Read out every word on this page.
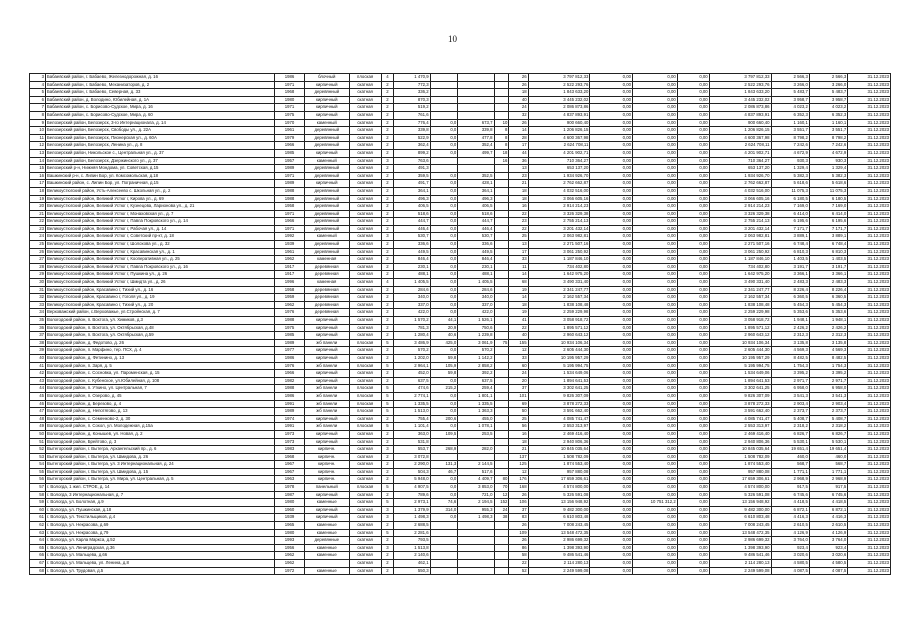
10
3	Бабаевский район, г. Бабаево, Железнодорожная, д. 16	1986	блочный	плоская	4	1 470,9				26	3 797 812,33	0,00	0,00	0,00	3 797 812,33	2 566,3	2 566,3	31.12.2023
4	Бабаевский район, г. Бабаево, Механизаторов, д. 2	1971	кирпичный	скатная	2	772,3				26	2 522 293,76	0,00	0,00	0,00	2 522 293,76	3 266,0	3 266,0	31.12.2023
5	Бабаевский район, г. Бабаево, Северная, д. 33	1968	деревянный	скатная	2	336,2				18	1 843 633,20	0,00	0,00	0,00	1 843 633,20	5 483,7	5 483,7	31.12.2023
6	Бабаевский район, д. Володино, Юбилейная, д. 1А	1980	кирпичный	скатная	2	870,3				40	3 445 232,02	0,00	0,00	0,00	3 445 232,02	3 958,7	3 958,7	31.12.2023
7	Бабаевский район, с. Борисово-Судское, Мира, д. 16	1971	кирпичный	скатная	2	519,2				24	2 086 873,86	0,00	0,00	0,00	2 086 873,86	4 023,2	4 023,2	31.12.2023
8	Бабаевский район, с. Борисово-Судское, Мира, д. 60	1975	кирпичный	скатная	2	761,6				32	4 837 893,91	0,00	0,00	0,00	4 837 893,91	6 352,3	6 352,3	31.12.2023
9	Белозерский район, Белозерск, 3-го Интернационала, д. 14	1970	каменный	скатная	2	776,4	0,0	673,7	10	26	900 660,40	0,00	0,00	0,00	900 660,40	1 160,1	1 160,1	31.12.2023
10	Белозерский район, Белозерск, Свободы ул., д. 22А	1961	деревянный	скатная	2	339,8	0,0	339,8	8	14	1 206 826,15	0,00	0,00	0,00	1 206 826,15	3 551,7	3 551,7	31.12.2023
11	Белозерский район, Белозерск, Пионерская ул., д. 60А	1979	деревянный	скатная	2	522,9	0,0	477,8	8	28	4 600 367,98	0,00	0,00	0,00	4 600 367,98	8 798,2	8 798,2	31.12.2023
12	Белозерский район, Белозерск, Ленина ул., д. 8	1966	деревянный	скатная	2	362,4	0,0	352,4	8	17	2 624 708,11	0,00	0,00	0,00	2 624 708,11	7 242,6	7 242,6	31.12.2023
13	Белозерский район, Никольское с., Центральная ул., д. 37	1985	кирпичный	скатная	2	899,2	0,0	499,7	18	44	4 201 902,71	0,00	0,00	0,00	4 201 902,71	4 672,9	4 672,9	31.12.2023
14	Белозерский район, Белозерск, Дзержинского ул., д. 37	1957	каменный	скатная	3	763,6			16	36	710 364,27	0,00	0,00	0,00	710 364,27	930,3	930,3	31.12.2023
15	Белозерский р-н, Нижняя Мондома, ул. Советская, д.15	1989	деревянный	скатная	2	491,3				13	653 137,20	0,00	0,00	0,00	653 137,20	1 329,4	1 329,4	31.12.2023
16	Вашкинский р-н, с. Липин Бор, ул. Комсомольская, д.18	1971	деревянный	скатная	2	359,5	0,0	352,5		23	1 934 926,70	0,00	0,00	0,00	1 934 926,70	5 382,3	5 382,3	31.12.2023
17	Вашкинский район, с. Липин Бор, ул. Пограничная, д.15	1989	кирпичный	скатная	2	491,7	0,0	428,1		21	2 762 662,87	0,00	0,00	0,00	2 762 662,87	5 618,6	5 618,6	31.12.2023
18	Великоустюгский район, Усть-Алексеево с. Школьная ул., д. 2	1988	деревянный	скатная	2	364,1	0,0	364,1		18	4 032 516,00	0,00	0,00	0,00	4 032 516,00	11 075,3	11 075,3	31.12.2023
19	Великоустюгский район, Великий Устюг г, Кирова ул., д. 69	1988	деревянный	скатная	2	496,3	0,0	496,3		18	3 066 605,16	0,00	0,00	0,00	3 066 605,16	6 180,5	6 180,5	31.12.2023
20	Великоустюгский район, Великий Устюг г, Кузнецова, Ларионова ул., д. 21	1958	деревянный	скатная	2	406,5	0,0	406,5		16	2 914 214,23	0,00	0,00	0,00	2 914 214,23	7 169,0	7 169,0	31.12.2023
21	Великоустюгский район, Великий Устюг г, Монаховская ул., д. 7	1971	деревянный	скатная	2	518,6	0,0	518,6		22	3 326 329,38	0,00	0,00	0,00	3 326 329,38	6 414,0	6 414,0	31.12.2023
22	Великоустюгский район, Великий Устюг г, Павла Покровского ул., д. 14	1966	деревянный	скатная	2	444,7	0,0	444,7		23	2 755 214,13	0,00	0,00	0,00	2 755 214,13	6 195,6	6 195,6	31.12.2023
23	Великоустюгский район, Великий Устюг г, Рабочая ул., д. 14	1971	деревянный	скатная	2	446,4	0,0	446,4		22	3 201 432,14	0,00	0,00	0,00	3 201 432,14	7 171,7	7 171,7	31.12.2023
24	Великоустюгский район, Великий Устюг г, Советский пр-кт, д. 18	1992	каменный	скатная	3	530,7	0,0	530,7		25	2 063 982,81	0,00	0,00	0,00	2 063 982,81	3 889,1	3 889,1	31.12.2023
25	Великоустюгский район, Великий Устюг г, Шолохова ул., д. 32	1939	деревянный	скатная	2	336,6	0,0	336,6		13	2 271 507,16	0,00	0,00	0,00	2 271 507,16	6 748,4	6 748,4	31.12.2023
26	Великоустюгский район, Великий Устюг г, Красавинская ул., д. 1	1961	деревянный	скатная	2	449,5	0,0	449,5		17	3 061 250,92	0,00	0,00	0,00	3 061 250,92	6 810,3	6 810,3	31.12.2023
27	Великоустюгский район, Великий Устюг г, Кооперативная ул., д. 25	1962	каменная	скатная	2	846,4	0,0	846,4		33	1 187 846,10	0,00	0,00	0,00	1 187 846,10	1 403,5	1 403,5	31.12.2023
28	Великоустюгский район, Великий Устюг г, Павла Покровского ул., д. 16	1917	деревянная	скатная	2	230,1	0,0	230,1		11	734 402,80	0,00	0,00	0,00	734 402,80	3 191,7	3 191,7	31.12.2023
29	Великоустюгский район, Великий Устюг г, Пушкина ул., д. 26	1917	деревянная	скатная	2	488,1	0,0	488,1		14	1 642 975,20	0,00	0,00	0,00	1 642 975,20	3 366,1	3 366,1	31.12.2023
30	Великоустюгский район, Великий Устюг г, Шмидта ул., д. 26	1996	каменная	скатная	4	1 405,5	0,0	1 405,5		68	3 490 331,40	0,00	0,00	0,00	3 490 331,40	2 483,3	2 483,3	31.12.2023
31	Великоустюгский район, Красавино г, Тихий ул., д. 16	1958	деревянная	скатная	2	284,6	0,0	284,6		19	2 341 247,77	0,00	0,00	0,00	2 341 247,77	8 226,4	8 226,4	31.12.2023
32	Великоустюгский район, Красавино г, Гоголя ул., д. 19	1959	деревянная	скатная	2	340,0	0,0	340,0		14	2 162 557,34	0,00	0,00	0,00	2 162 557,34	6 360,5	6 360,5	31.12.2023
33	Великоустюгский район, Красавино г, Тихий ул., д. 20	1962	деревянная	скатная	2	337,0	0,0	337,0		18	1 838 108,48	0,00	0,00	0,00	1 838 108,48	5 454,3	5 454,3	31.12.2023
34	Верховажский район, с.Верховажье, ул.Стройнская, д. 7	1976	деревянная	скатная	2	422,0	0,0	422,0		19	2 259 229,98	0,00	0,00	0,00	2 259 229,98	5 353,6	5 353,6	31.12.2023
35	Вологодский район, п. Вохтога, ул. Химиков, д.3	1988	кирпичный	скатная	2	1 570,2	44,1	1 526,1		41	3 058 918,72	0,00	0,00	0,00	3 058 918,72	1 948,1	1 948,1	31.12.2023
36	Вологодский район, п. Вохтога, ул. Октябрьская, д.48	1975	кирпичный	скатная	2	781,3	20,9	750,6		22	1 895 571,12	0,00	0,00	0,00	1 895 571,12	2 426,2	2 426,2	31.12.2023
37	Вологодский район, п. Вохтога, ул. Октябрьская, д.59	1985	кирпичный	скатная	2	1 280,4	40,6	1 239,8		40	2 960 643,12	0,00	0,00	0,00	2 960 643,12	2 312,3	2 312,3	31.12.2023
38	Вологодский район, д. Федотово, д. 26	1989	жб панели	плоская	5	3 486,9	425,0	3 061,9	75	155	10 934 106,34	0,00	0,00	0,00	10 934 106,34	3 135,8	3 135,8	31.12.2023
39	Вологодский район, п. Марфино, тер. ПСХ, д. 4	1977	кирпичный	скатная	2	570,2	0,0	570,2		12	2 605 444,30	0,00	0,00	0,00	2 605 444,30	4 569,3	4 569,3	31.12.2023
40	Вологодский район, д. Фетинино, д. 13	1986	кирпичный	скатная	2	1 202,0	59,8	1 142,2		33	10 195 957,29	0,00	0,00	0,00	10 195 957,29	8 482,5	8 482,5	31.12.2023
41	Вологодский район, п. Заря, д. 5	1976	жб панели	плоская	5	2 964,1	105,9	2 858,2		60	5 195 994,75	0,00	0,00	0,00	5 195 994,75	1 754,3	1 754,3	31.12.2023
42	Вологодский район, с. Сосновка, ул. Пароменская, д. 15	1966	кирпичный	скатная	2	452,0	59,8	392,2		24	1 534 649,06	0,00	0,00	0,00	1 534 649,06	3 395,2	3 395,2	31.12.2023
43	Вологодский район, с. Кубенское, ул.Юбилейная, д. 108	1982	кирпичный	скатная	2	637,5	0,0	637,5		20	1 894 641,53	0,00	0,00	0,00	1 894 641,53	2 971,7	2 971,7	31.12.2023
44	Вологодский район, п. Уткино, ул. Центральная, 7	1988	жб панели	плоская	5	474,6	215,2	259,4		37	3 302 641,25	0,00	0,00	0,00	3 302 641,25	6 958,0	6 958,0	31.12.2023
45	Вологодский район, п. Озерово, д. 45	1986	жб панели	плоская	5	2 774,1	0,0	1 801,1		101	9 826 307,09	0,00	0,00	0,00	9 826 307,09	3 541,3	3 541,3	31.12.2023
46	Вологодский район, д. Березово, д. 4	1991	жб панели	плоская	5	1 335,5	0,0	1 335,5		69	3 878 272,33	0,00	0,00	0,00	3 878 272,33	2 903,4	2 903,4	31.12.2023
47	Вологодский район, д. Непотягово, д. 13	1989	жб панели	плоская	5	1 513,0	0,0	1 363,3		50	3 591 662,40	0,00	0,00	0,00	3 591 662,40	2 373,7	2 373,7	31.12.2023
48	Вологодский район, с. Семенково-2, д. 30	1974	кирпичный	скатная	2	755,4	200,6	455,0		25	4 085 741,47	0,00	0,00	0,00	4 085 741,47	5 408,7	5 408,7	31.12.2023
49	Вологодский район, п. Сокол, ул. Молодежная, д.15а	1991	жб панели	плоская	5	1 101,4	0,0	1 078,1		56	2 553 313,97	0,00	0,00	0,00	2 553 313,97	2 318,2	2 318,2	31.12.2023
50	Вологодский район, д. Конышев, ул. Новая, д. 2	1973	кирпичный	скатная	2	363,0	109,5	253,5		16	2 469 416,40	0,00	0,00	0,00	2 469 416,40	6 826,7	6 826,7	31.12.2023
51	Вологодский район, Брейтово, д. 3	1973	кирпичный	скатная	2	531,8				18	2 940 806,36	0,00	0,00	0,00	2 940 806,36	5 530,1	5 530,1	31.12.2023
52	Вытегорский район, г. Вытегра, Архангельский пр., д. 6	1983	кирпичн.	скатная	3	553,7	268,9	282,0		21	10 845 035,64	0,00	0,00	0,00	10 845 035,64	19 651,4	19 651,4	31.12.2023
53	Вытегорский район, г. Вытегра, ул. Шмидова, д. 26	1968	кирпичн.	скатная	2	3 072,8				137	1 508 782,09	0,00	0,00	0,00	1 508 782,09	460,0	460,0	31.12.2023
54	Вытегорский район, г. Вытегра, ул. 3 Интернациональная, д. 24	1967	кирпичн.	скатная	2	2 290,0	131,3	2 144,5		125	1 874 553,40	0,00	0,00	0,00	1 874 553,40	568,7	568,7	31.12.2023
55	Вытегорский район, г. Вытегра, ул. Шмидова, д. 15	1967	кирпичн.	скатная	2	504,3	46,7	517,6		12	957 880,08	0,00	0,00	0,00	957 880,08	1 771,1	1 771,1	31.12.2023
56	Вытегорский район, г. Вытегра, ул. Мира, ул. Центральная, д. 5	1963	кирпичн.	скатная	2	5 948,0	0,0	4 409,7	80	176	17 659 306,61	0,00	0,00	0,00	17 659 306,61	2 968,9	2 968,9	31.12.2023
57	г. Вологда, 1 жил. СТРОЕ, д. 14	1978	панельный	плоская	5	4 907,5	0,0	3 853,0	70	168	4 574 800,00	0,00	0,00	0,00	4 574 800,00	917,5	917,5	31.12.2023
58	г. Вологда, 3 Интернациональная, д. 7	1987	кирпичный	скатная	2	789,6	0,0	721,0	12	26	5 326 591,08	0,00	0,00	0,00	5 326 591,08	6 745,6	6 745,6	31.12.2023
59	г. Вологда, ул. Болотная, д.9	1980	каменные	скатная	5	2 973,1	74,6	2 194,5	152	106	13 156 948,92	0,00	10 751 312,2	0,00	13 156 948,92	4 418,5	4 418,5	31.12.2023
60	г. Вологда, ул. Пушкинская, д.18	1960	кирпичный	скатная	3	1 379,9	314,0	955,3	24	37	9 482 300,00	0,00	0,00	0,00	9 482 300,00	6 872,1	6 872,1	31.12.2023
61	г. Вологда, ул. Текстильщиков, д.4	1939	кирпичный	скатная	3	1 498,3	0,0	1 498,3	38	83	6 610 803,48	0,00	0,00	0,00	6 610 803,48	4 416,3	4 416,3	31.12.2023
62	г. Вологда, ул. Некрасова, д.69	1965	каменные	скатная	2	2 688,5				26	7 008 243,45	0,00	0,00	0,00	7 008 243,45	2 610,5	2 610,5	31.12.2023
63	г. Вологда, ул. Некрасова, д.79	1980	каменные	скатная	5	2 281,6				109	13 548 472,35	0,00	0,00	0,00	13 548 472,35	4 126,9	4 126,9	31.12.2023
64	г. Вологда, ул. Карла Маркса, д.52	1993	деревянные	скатная	2	793,5				26	2 986 699,32	0,00	0,00	0,00	2 986 699,32	3 764,0	3 764,0	31.12.2023
65	г. Вологда, ул. Лениградская, д.36	1956	каменные	скатная	3	1 513,8				86	1 398 393,90	0,00	0,00	0,00	1 398 393,90	923,4	923,4	31.12.2023
66	г. Вологда, ул. Мальцева, д.66	1962	каменные	скатная	2	2 140,6				58	9 486 541,46	0,00	0,00	0,00	9 486 541,46	3 020,6	3 020,6	31.12.2023
67	г. Вологда, ул. Мальцева, ул. Ленина, д.8	1962		скатная	2	462,1				22	2 114 280,13	0,00	0,00	0,00	2 114 280,13	4 580,5	4 580,5	31.12.2023
68	г. Вологда, ул. Трудовая, д.5	1972	каменные	скатная	2	550,3				52	2 249 599,08	0,00	0,00	0,00	2 249 599,08	4 087,5	4 087,5	31.12.2023
